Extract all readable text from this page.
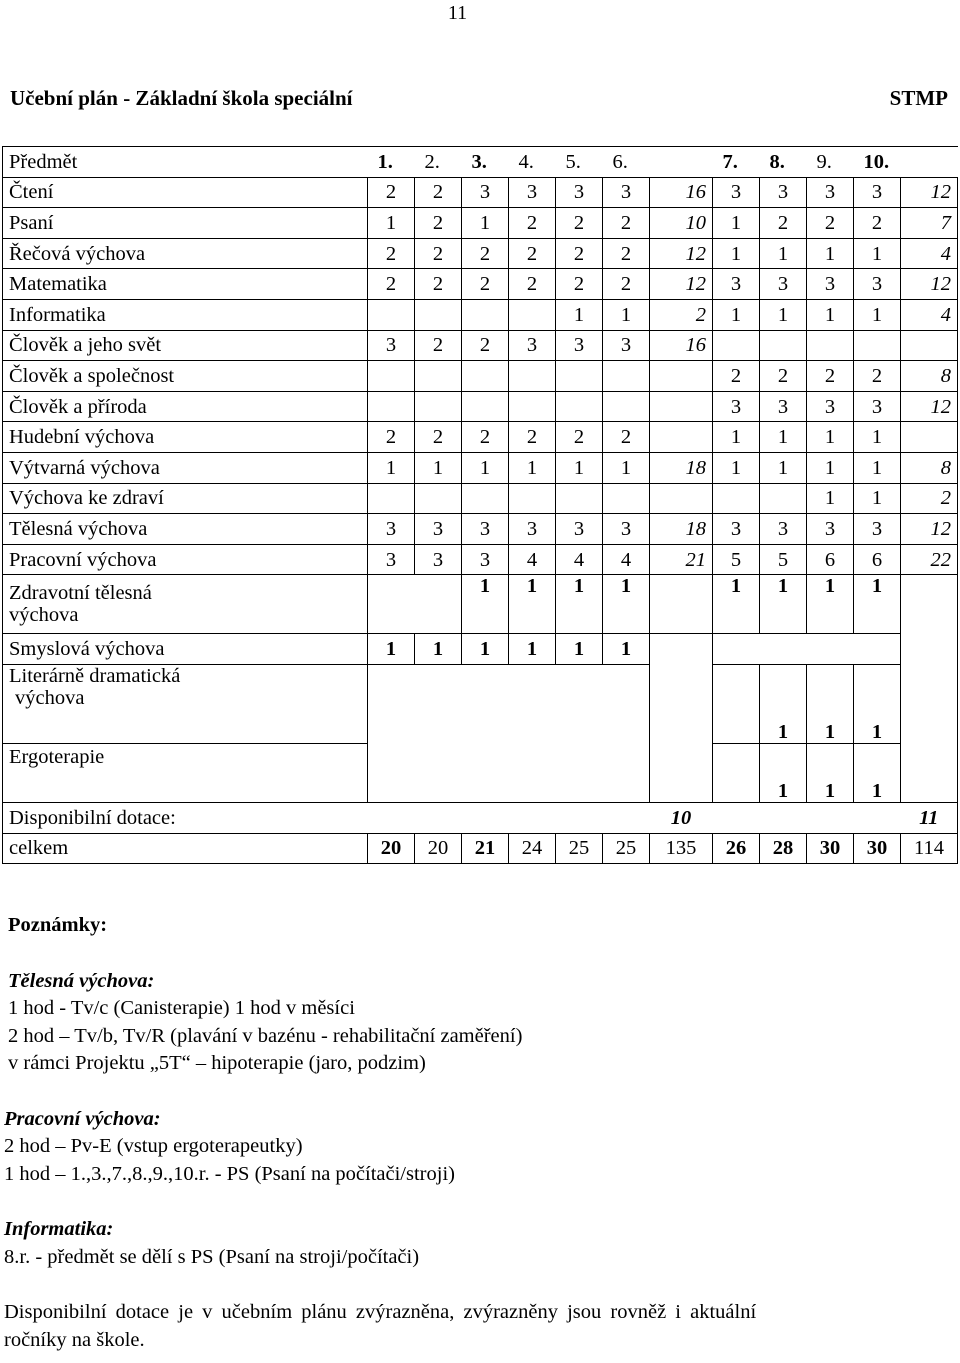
11
Učební plán - Základní škola speciální	STMP
Předmět	1.	2.	3.	4.	5.	6.		7.	8.	9.	10.	
Čtení	2	2	3	3	3	3	16	3	3	3	3	12
Psaní	1	2	1	2	2	2	10	1	2	2	2	7
Řečová výchova	2	2	2	2	2	2	12	1	1	1	1	4
Matematika	2	2	2	2	2	2	12	3	3	3	3	12
Informatika					1	1	2	1	1	1	1	4
Člověk a jeho svět	3	2	2	3	3	3	16					
Člověk a společnost								2	2	2	2	8
Člověk a příroda								3	3	3	3	12
Hudební výchova	2	2	2	2	2	2		1	1	1	1	
Výtvarná výchova	1	1	1	1	1	1	18	1	1	1	1	8
Výchova ke zdraví										1	1	2
Tělesná výchova	3	3	3	3	3	3	18	3	3	3	3	12
Pracovní výchova	3	3	3	4	4	4	21	5	5	6	6	22

Zdravotní tělesná
výchova			1	1	1	1		1	1	1	1	
Smyslová výchova	1	1	1	1	1	1						

Literárně dramatická
výchova									1	1	1	
Ergoterapie									1	1	1	
Disponibilní dotace:							10					11
celkem	20	20	21	24	25	25	135	26	28	30	30	114

Poznámky:

Tělesná výchova:

1 hod - Tv/c (Canisterapie) 1 hod v měsíci

2 hod – Tv/b, Tv/R (plavání v bazénu - rehabilitační zaměření)

v rámci Projektu „5T“ – hipoterapie (jaro, podzim)

Pracovní výchova:

2 hod – Pv-E (vstup ergoterapeutky)

1 hod – 1.,3.,7.,8.,9.,10.r. - PS (Psaní na počítači/stroji)

Informatika:

8.r. - předmět se dělí s PS (Psaní na stroji/počítači)

Disponibilní dotace je v učebním plánu zvýrazněna, zvýrazněny jsou rovněž i aktuální

ročníky na škole.
